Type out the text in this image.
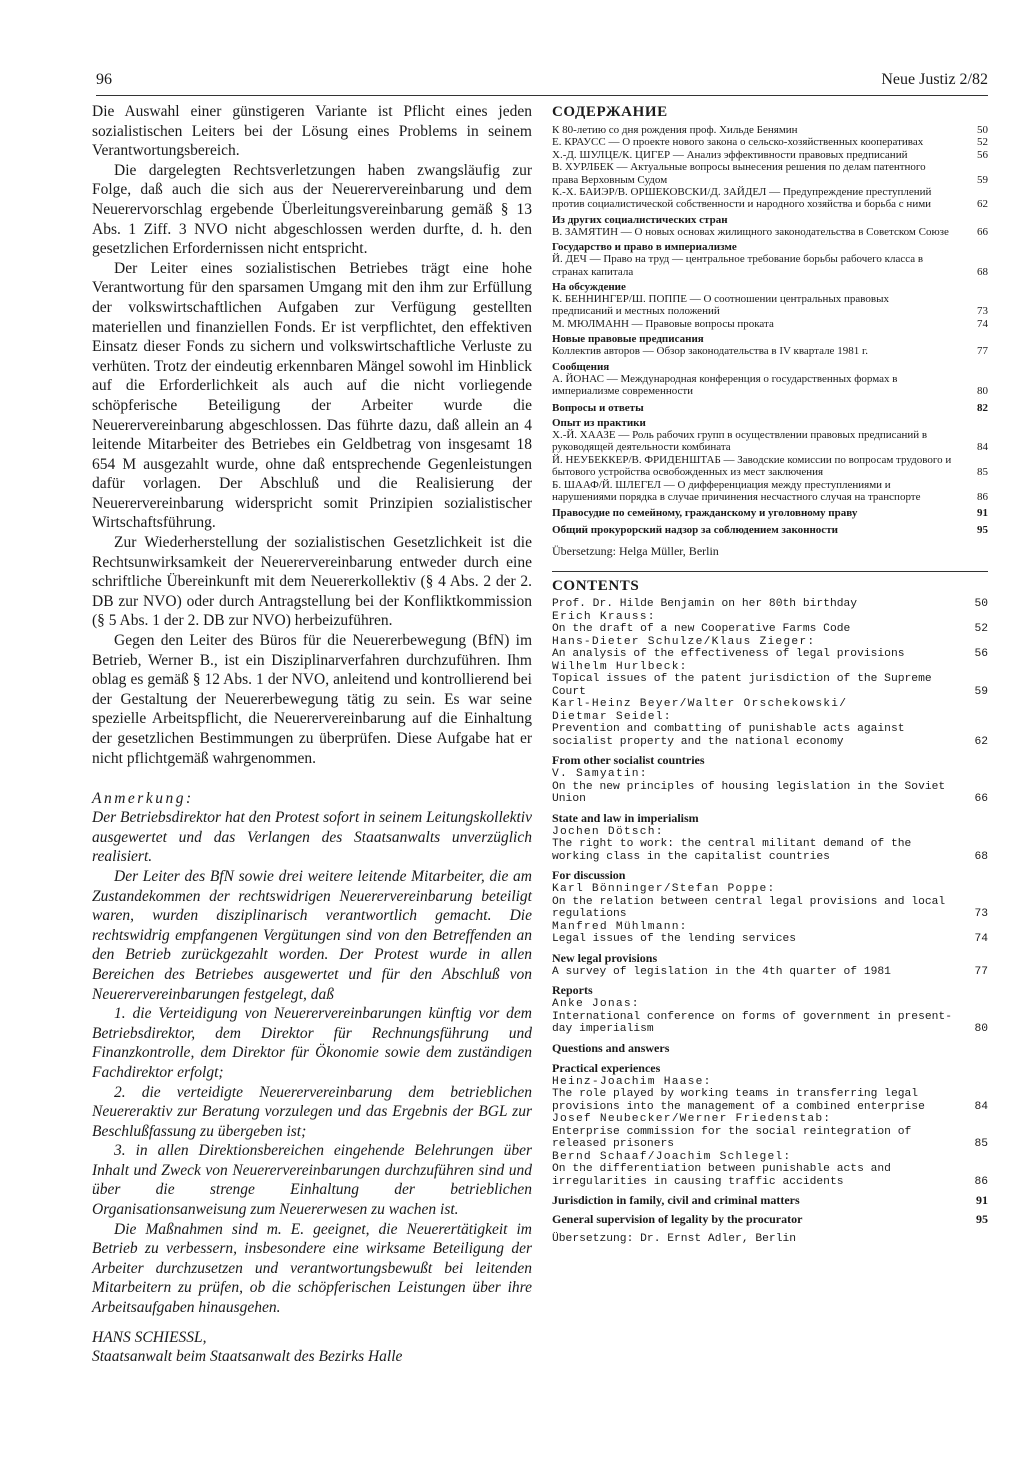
96	Neue Justiz 2/82

Die Auswahl einer günstigeren Variante ist Pflicht eines jeden sozialistischen Leiters bei der Lösung eines Problems in seinem Verantwortungsbereich.

Die dargelegten Rechtsverletzungen haben zwangsläufig zur Folge, daß auch die sich aus der Neuerervereinbarung und dem Neuerervorschlag ergebende Überleitungsvereinbarung gemäß § 13 Abs. 1 Ziff. 3 NVO nicht abgeschlossen werden durfte, d. h. den gesetzlichen Erfordernissen nicht entspricht.

Der Leiter eines sozialistischen Betriebes trägt eine hohe Verantwortung für den sparsamen Umgang mit den ihm zur Erfüllung der volkswirtschaftlichen Aufgaben zur Verfügung gestellten materiellen und finanziellen Fonds. Er ist verpflichtet, den effektiven Einsatz dieser Fonds zu sichern und volkswirtschaftliche Verluste zu verhüten. Trotz der eindeutig erkennbaren Mängel sowohl im Hinblick auf die Erforderlichkeit als auch auf die nicht vorliegende schöpferische Beteiligung der Arbeiter wurde die Neuerervereinbarung abgeschlossen. Das führte dazu, daß allein an 4 leitende Mitarbeiter des Betriebes ein Geldbetrag von insgesamt 18 654 M ausgezahlt wurde, ohne daß entsprechende Gegenleistungen dafür vorlagen. Der Abschluß und die Realisierung der Neuerervereinbarung widerspricht somit Prinzipien sozialistischer Wirtschaftsführung.

Zur Wiederherstellung der sozialistischen Gesetzlichkeit ist die Rechtsunwirksamkeit der Neuerervereinbarung entweder durch eine schriftliche Übereinkunft mit dem Neuererkollektiv (§ 4 Abs. 2 der 2. DB zur NVO) oder durch Antragstellung bei der Konfliktkommission (§ 5 Abs. 1 der 2. DB zur NVO) herbeizuführen.

Gegen den Leiter des Büros für die Neuererbewegung (BfN) im Betrieb, Werner B., ist ein Disziplinarverfahren durchzuführen. Ihm oblag es gemäß § 12 Abs. 1 der NVO, anleitend und kontrollierend bei der Gestaltung der Neuererbewegung tätig zu sein. Es war seine spezielle Arbeitspflicht, die Neuerervereinbarung auf die Einhaltung der gesetzlichen Bestimmungen zu überprüfen. Diese Aufgabe hat er nicht pflichtgemäß wahrgenommen.

Anmerkung:

Der Betriebsdirektor hat den Protest sofort in seinem Leitungskollektiv ausgewertet und das Verlangen des Staatsanwalts unverzüglich realisiert.

Der Leiter des BfN sowie drei weitere leitende Mitarbeiter, die am Zustandekommen der rechtswidrigen Neuerervereinbarung beteiligt waren, wurden disziplinarisch verantwortlich gemacht. Die rechtswidrig empfangenen Vergütungen sind von den Betreffenden an den Betrieb zurückgezahlt worden. Der Protest wurde in allen Bereichen des Betriebes ausgewertet und für den Abschluß von Neuerervereinbarungen festgelegt, daß

1. die Verteidigung von Neuerervereinbarungen künftig vor dem Betriebsdirektor, dem Direktor für Rechnungsführung und Finanzkontrolle, dem Direktor für Ökonomie sowie dem zuständigen Fachdirektor erfolgt;

2. die verteidigte Neuerervereinbarung dem betrieblichen Neuereraktiv zur Beratung vorzulegen und das Ergebnis der BGL zur Beschlußfassung zu übergeben ist;

3. in allen Direktionsbereichen eingehende Belehrungen über Inhalt und Zweck von Neuerervereinbarungen durchzuführen sind und über die strenge Einhaltung der betrieblichen Organisationsanweisung zum Neuererwesen zu wachen ist.

Die Maßnahmen sind m. E. geeignet, die Neuerertätigkeit im Betrieb zu verbessern, insbesondere eine wirksame Beteiligung der Arbeiter durchzusetzen und verantwortungsbewußt bei leitenden Mitarbeitern zu prüfen, ob die schöpferischen Leistungen über ihre Arbeitsaufgaben hinausgehen.

HANS SCHIESSL,
Staatsanwalt beim Staatsanwalt des Bezirks Halle
СОДЕРЖАНИЕ
К 80-летию со дня рождения проф. Хильде Бенямин	50
Е. КРАУСС — О проекте нового закона о сельско-хозяйственных кооперативах	52
Х.-Д. ШУЛЦЕ/К. ЦИГЕР — Анализ эффективности правовых предписаний	56
В. ХУРЛБЕК — Актуальные вопросы вынесения решения по делам патентного права Верховным Судом	59
К.-Х. БАИЭР/В. ОРШЕКОВСКИ/Д. ЗАЙДЕЛ — Предупреждение преступлений против социалистической собственности и народного хозяйства и борьба с ними	62
Из других социалистических стран
В. ЗАМЯТИН — О новых основах жилищного законодательства в Советском Союзе	66
Государство и право в империализме
Й. ДЕЧ — Право на труд — центральное требование борьбы рабочего класса в странах капитала	68
На обсуждение
К. БЕННИНГЕР/Ш. ПОППЕ — О соотношении центральных правовых предписаний и местных положений	73
М. МЮЛМАНН — Правовые вопросы проката	74
Новые правовые предписания
Коллектив авторов — Обзор законодательства в IV квартале 1981 г.	77
Сообщения
А. ЙОНАС — Международная конференция о государственных формах в империализме современности	80
Вопросы и ответы	82
Опыт из практики
Х.-Й. ХААЗЕ — Роль рабочих групп в осуществлении правовых предписаний в руководящей деятельности комбината	84
Й. НЕУБЕККЕР/В. ФРИДЕНШТАБ — Заводские комиссии по вопросам трудового и бытового устройства освобожденных из мест заключения	85
Б. ШААФ/Й. ШЛЕГЕЛ — О дифференциация между преступлениями и нарушениями порядка в случае причинения несчастного случая на транспорте	86
Правосудие по семейному, гражданскому и уголовному праву	91
Общий прокурорский надзор за соблюдением законности	95
Übersetzung: Helga Müller, Berlin
CONTENTS
Prof. Dr. Hilde Benjamin on her 80th birthday	50
Erich Krauss:
On the draft of a new Cooperative Farms Code	52
Hans-Dieter Schulze/Klaus Zieger:
An analysis of the effectiveness of legal provisions	56
Wilhelm Hurlbeck:
Topical issues of the patent jurisdiction of the Supreme Court	59
Karl-Heinz Beyer/Walter Orschekowski/
Dietmar Seidel:
Prevention and combatting of punishable acts against socialist property and the national economy	62
From other socialist countries
V. Samyatin:
On the new principles of housing legislation in the Soviet Union	66
State and law in imperialism
Jochen Dötsch:
The right to work: the central militant demand of the working class in the capitalist countries	68
For discussion
Karl Bönninger/Stefan Poppe:
On the relation between central legal provisions and local regulations	73
Manfred Mühlmann:
Legal issues of the lending services	74
New legal provisions
A survey of legislation in the 4th quarter of 1981	77
Reports
Anke Jonas:
International conference on forms of government in present-day imperialism	80
Questions and answers
Practical experiences
Heinz-Joachim Haase:
The role played by working teams in transferring legal provisions into the management of a combined enterprise	84
Josef Neubecker/Werner Friedenstab:
Enterprise commission for the social reintegration of released prisoners	85
Bernd Schaaf/Joachim Schlegel:
On the differentiation between punishable acts and irregularities in causing traffic accidents	86
Jurisdiction in family, civil and criminal matters	91
General supervision of legality by the procurator	95
Übersetzung: Dr. Ernst Adler, Berlin
